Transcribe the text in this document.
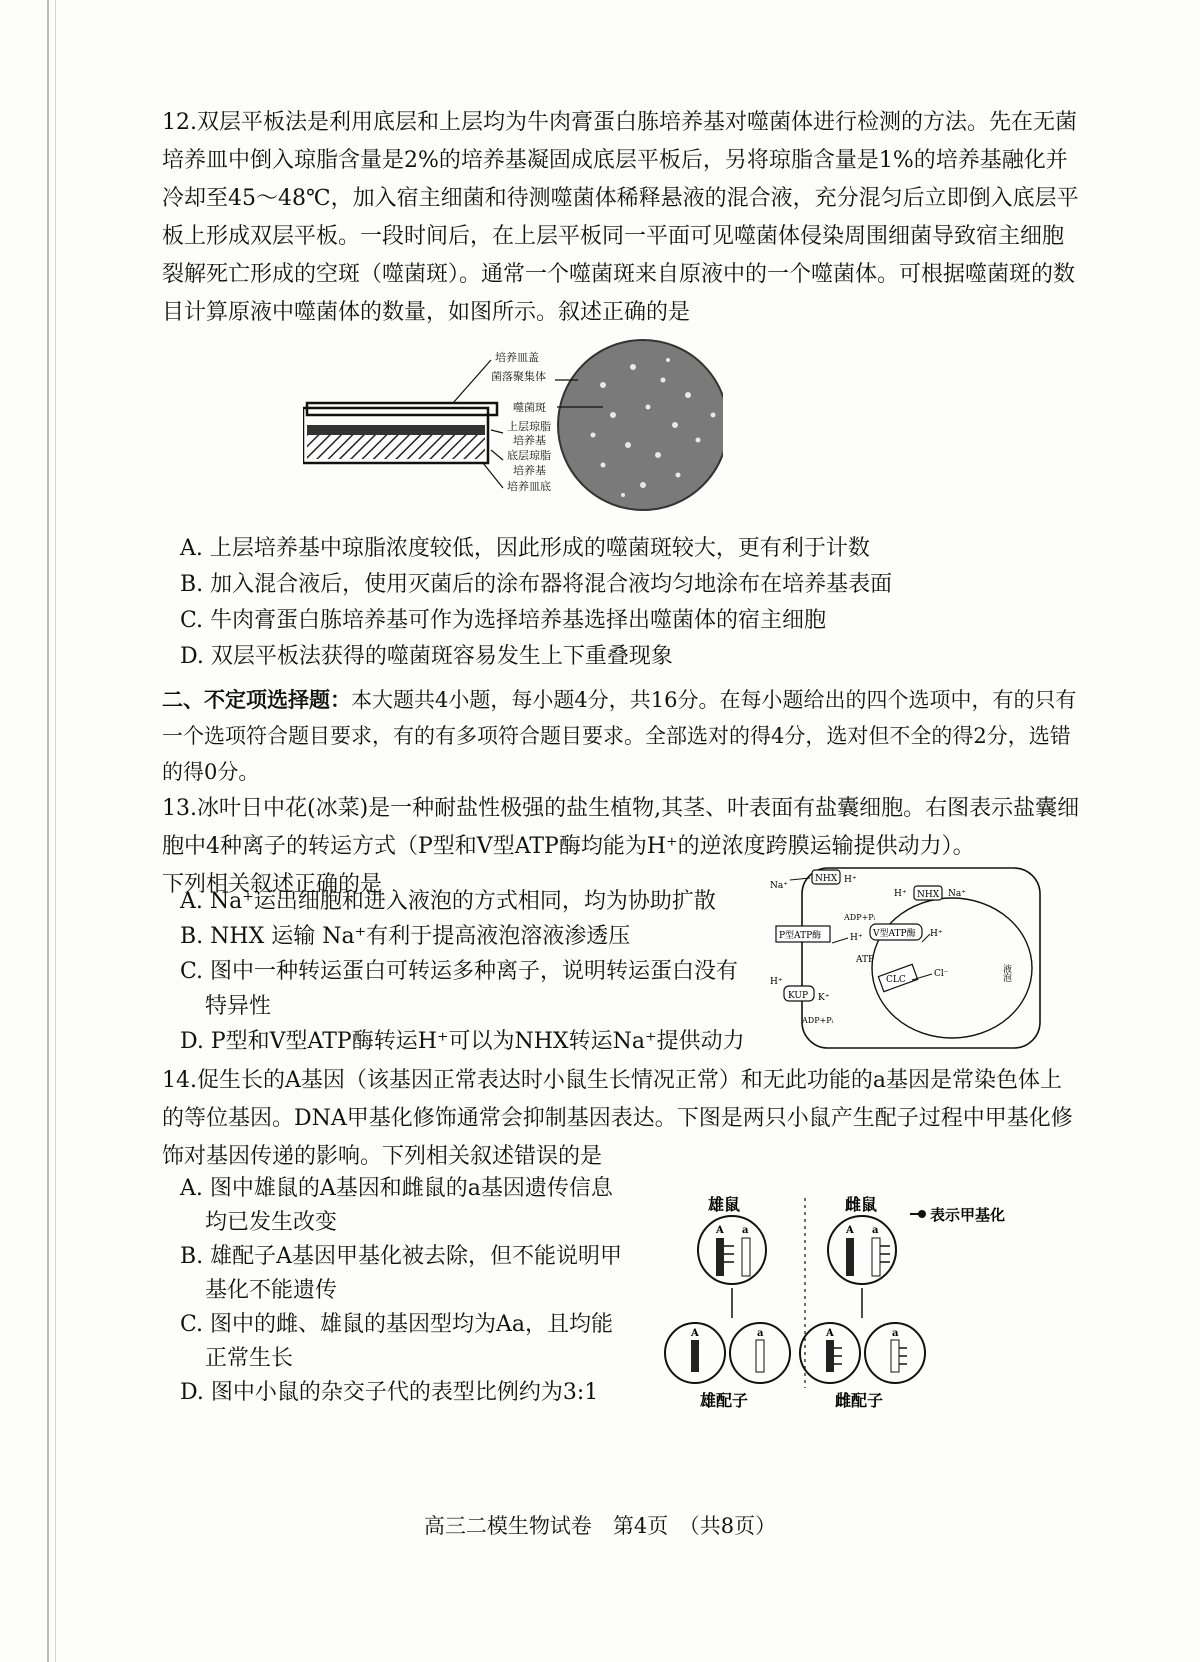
12.双层平板法是利用底层和上层均为牛肉膏蛋白胨培养基对噬菌体进行检测的方法。先在无菌培养皿中倒入琼脂含量是2%的培养基凝固成底层平板后，另将琼脂含量是1%的培养基融化并冷却至45～48℃，加入宿主细菌和待测噬菌体稀释悬液的混合液，充分混匀后立即倒入底层平板上形成双层平板。一段时间后，在上层平板同一平面可见噬菌体侵染周围细菌导致宿主细胞裂解死亡形成的空斑（噬菌斑）。通常一个噬菌斑来自原液中的一个噬菌体。可根据噬菌斑的数目计算原液中噬菌体的数量，如图所示。叙述正确的是

培养皿盖
菌落聚集体
噬菌斑
上层琼脂
培养基
底层琼脂
培养基
培养皿底
A. 上层培养基中琼脂浓度较低，因此形成的噬菌斑较大，更有利于计数
B. 加入混合液后，使用灭菌后的涂布器将混合液均匀地涂布在培养基表面
C. 牛肉膏蛋白胨培养基可作为选择培养基选择出噬菌体的宿主细胞
D. 双层平板法获得的噬菌斑容易发生上下重叠现象

二、不定项选择题：本大题共4小题，每小题4分，共16分。在每小题给出的四个选项中，有的只有一个选项符合题目要求，有的有多项符合题目要求。全部选对的得4分，选对但不全的得2分，选错的得0分。

13.冰叶日中花(冰菜)是一种耐盐性极强的盐生植物,其茎、叶表面有盐囊细胞。右图表示盐囊细胞中4种离子的转运方式（P型和V型ATP酶均能为H⁺的逆浓度跨膜运输提供动力）。

下列相关叙述正确的是

A. Na⁺运出细胞和进入液泡的方式相同，均为协助扩散
B. NHX 运输 Na⁺有利于提高液泡溶液渗透压
C. 图中一种转运蛋白可转运多种离子，说明转运蛋白没有
特异性
D. P型和V型ATP酶转运H⁺可以为NHX转运Na⁺提供动力
NHX
Na⁺
H⁺
NHX
H⁺	Na⁺
ADP+Pᵢ
P型ATP酶	H⁺ V型ATP酶 H⁺
ATP
液泡
H⁺
KUP K⁺
CLC
Cl⁻
ADP+Pᵢ

14.促生长的A基因（该基因正常表达时小鼠生长情况正常）和无此功能的a基因是常染色体上的等位基因。DNA甲基化修饰通常会抑制基因表达。下图是两只小鼠产生配子过程中甲基化修饰对基因传递的影响。下列相关叙述错误的是

A. 图中雄鼠的A基因和雌鼠的a基因遗传信息
均已发生改变
B. 雄配子A基因甲基化被去除，但不能说明甲
基化不能遗传
C. 图中的雌、雄鼠的基因型均为Aa，且均能
正常生长
D. 图中小鼠的杂交子代的表型比例约为3:1
雄鼠	雌鼠
表示甲基化
A a	A a
A	a	A	a
雄配子	雌配子
高三二模生物试卷　第4页　（共8页）
